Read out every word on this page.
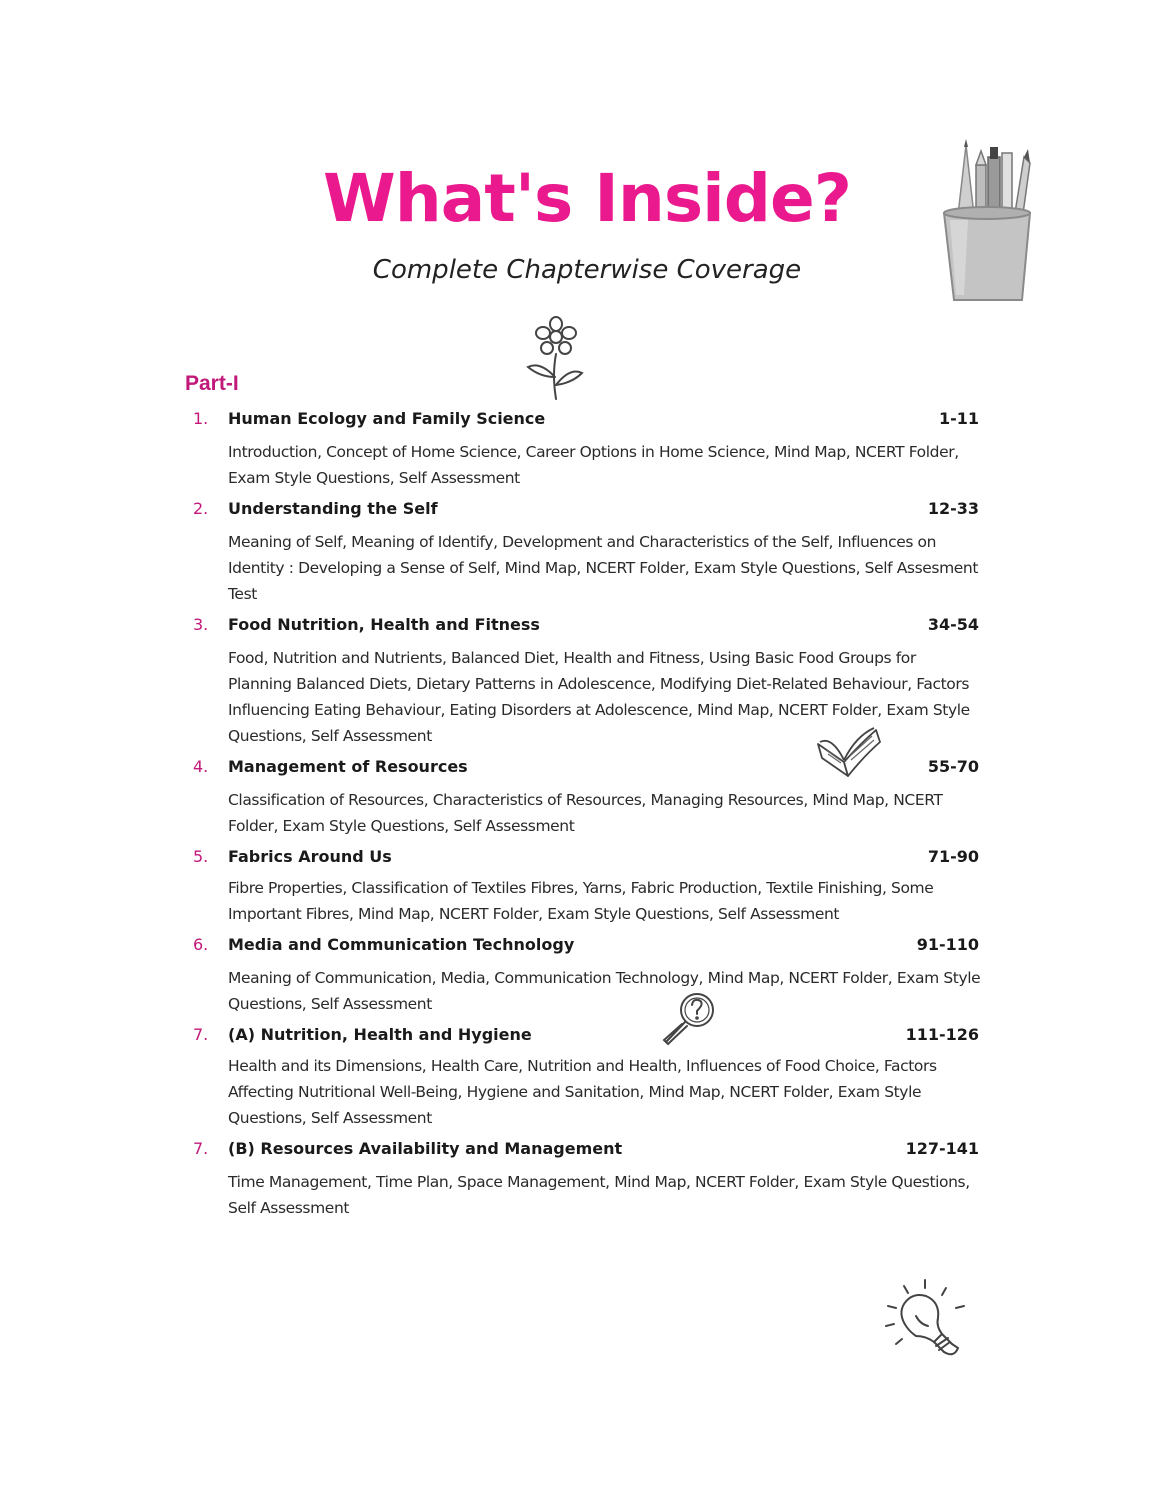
What's Inside?
Complete Chapterwise Coverage
Part-I
1. Human Ecology and Family Science	1-11
Introduction, Concept of Home Science, Career Options in Home Science, Mind Map, NCERT Folder, Exam Style Questions, Self Assessment
2. Understanding the Self	12-33
Meaning of Self, Meaning of Identify, Development and Characteristics of the Self, Influences on Identity : Developing a Sense of Self, Mind Map, NCERT Folder, Exam Style Questions, Self Assesment Test
3. Food Nutrition, Health and Fitness	34-54
Food, Nutrition and Nutrients, Balanced Diet, Health and Fitness, Using Basic Food Groups for Planning Balanced Diets, Dietary Patterns in Adolescence, Modifying Diet-Related Behaviour, Factors Influencing Eating Behaviour, Eating Disorders at Adolescence, Mind Map, NCERT Folder, Exam Style Questions, Self Assessment
4. Management of Resources	55-70
Classification of Resources, Characteristics of Resources, Managing Resources, Mind Map, NCERT Folder, Exam Style Questions, Self Assessment
5. Fabrics Around Us	71-90
Fibre Properties, Classification of Textiles Fibres, Yarns, Fabric Production, Textile Finishing, Some Important Fibres, Mind Map, NCERT Folder, Exam Style Questions, Self Assessment
6. Media and Communication Technology	91-110
Meaning of Communication, Media, Communication Technology, Mind Map, NCERT Folder, Exam Style Questions, Self Assessment
7. (A) Nutrition, Health and Hygiene	111-126
Health and its Dimensions, Health Care, Nutrition and Health, Influences of Food Choice, Factors Affecting Nutritional Well-Being, Hygiene and Sanitation, Mind Map, NCERT Folder, Exam Style Questions, Self Assessment
7. (B) Resources Availability and Management	127-141
Time Management, Time Plan, Space Management, Mind Map, NCERT Folder, Exam Style Questions, Self Assessment
